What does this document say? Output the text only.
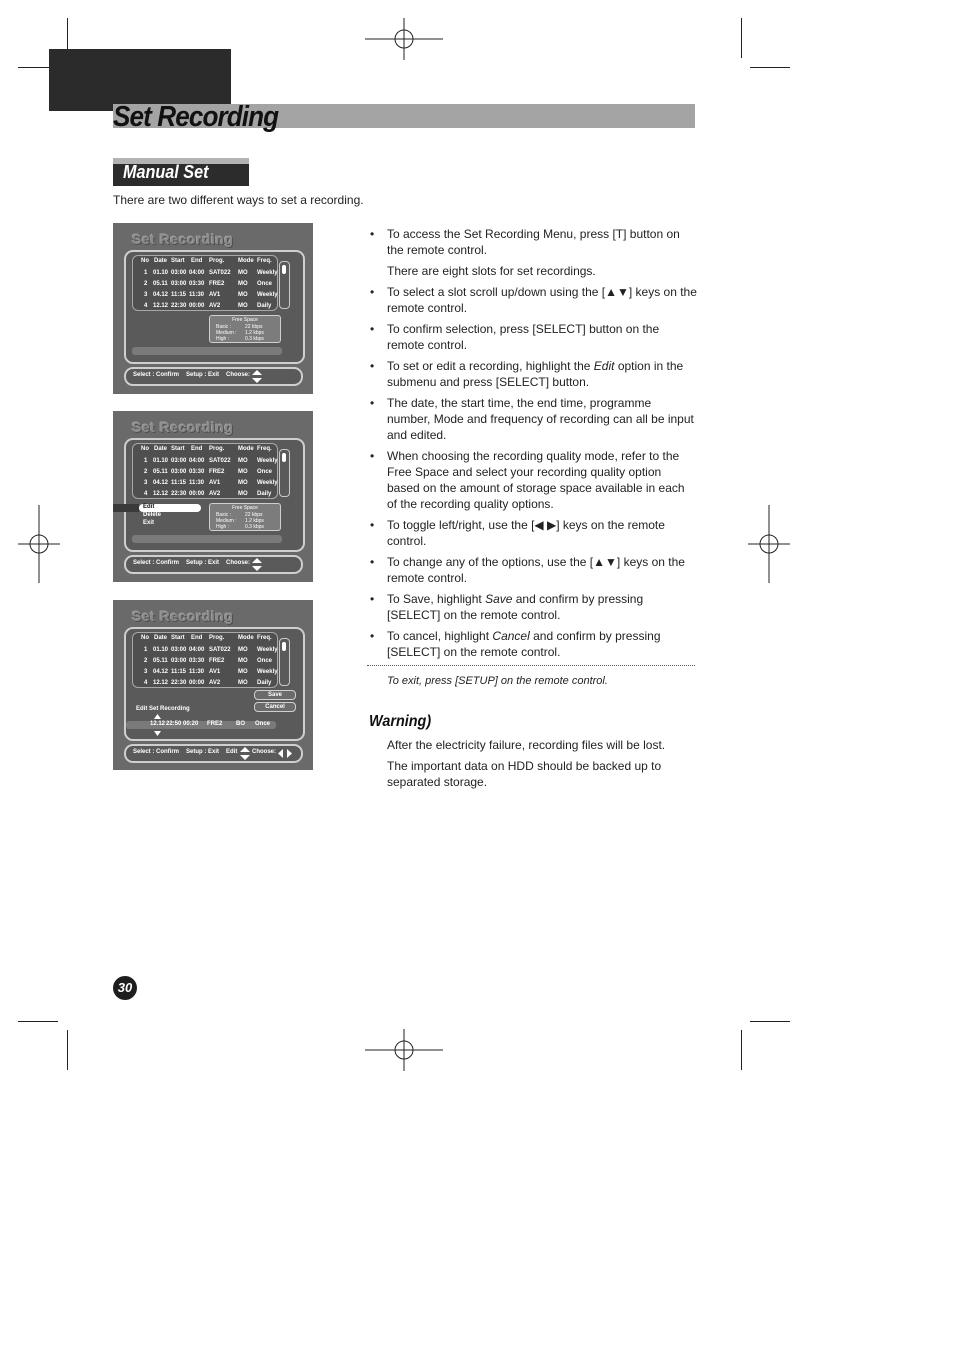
Set Recording
Manual Set
There are two different ways to set a recording.
Set Recording
No Date Start End Prog. Mode Freq.
1 01.10 03:00 04:00 SAT022 MO Weekly
2 05.11 03:00 03:30 FRE2 MO Once
3 04.12 11:15 11:30 AV1	MO Weekly
4 12.12 22:30 00:00 AV2	MO Daily
Free Space
Basic :	22 kbps
Medium : 1.2 kbps
High :	0.3 kbps
Select : Confirm Setup : Exit Choose:
Set Recording
No Date Start End Prog. Mode Freq.
1 01.10 03:00 04:00 SAT022 MO Weekly
2 05.11 03:00 03:30 FRE2 MO Once
3 04.12 11:15 11:30 AV1	MO Weekly
4 12.12 22:30 00:00 AV2	MO Daily
Free Space
Basic :	22 kbps
Medium : 1.2 kbps
High :	0.3 kbps
Edit
Delete
Exit
Select : Confirm Setup : Exit Choose:
Set Recording
No Date Start End Prog. Mode Freq.
1 01.10 03:00 04:00 SAT022 MO Weekly
2 05.11 03:00 03:30 FRE2 MO Once
3 04.12 11:15 11:30 AV1	MO Weekly
4 12.12 22:30 00:00 AV2	MO Daily
Save
Cancel
Edit Set Recording
12.12 22:50 00:20 FRE2 BO Once
Select : Confirm Setup : Exit Edit Choose:
• To access the Set Recording Menu, press [T] button on the remote control.
There are eight slots for set recordings.
• To select a slot scroll up/down using the [▲▼] keys on the remote control.
• To confirm selection, press [SELECT] button on the remote control.
• To set or edit a recording, highlight the Edit option in the submenu and press [SELECT] button.
• The date, the start time, the end time, programme number, Mode and frequency of recording can all be input and edited.
• When choosing the recording quality mode, refer to the Free Space and select your recording quality option based on the amount of storage space available in each of the recording quality options.
• To toggle left/right, use the [◀ ▶] keys on the remote control.
• To change any of the options, use the [▲▼] keys on the remote control.
• To Save, highlight Save and confirm by pressing [SELECT] on the remote control.
• To cancel, highlight Cancel and confirm by pressing [SELECT] on the remote control.
To exit, press [SETUP] on the remote control.
Warning)
After the electricity failure, recording files will be lost.
The important data on HDD should be backed up to separated storage.
30
